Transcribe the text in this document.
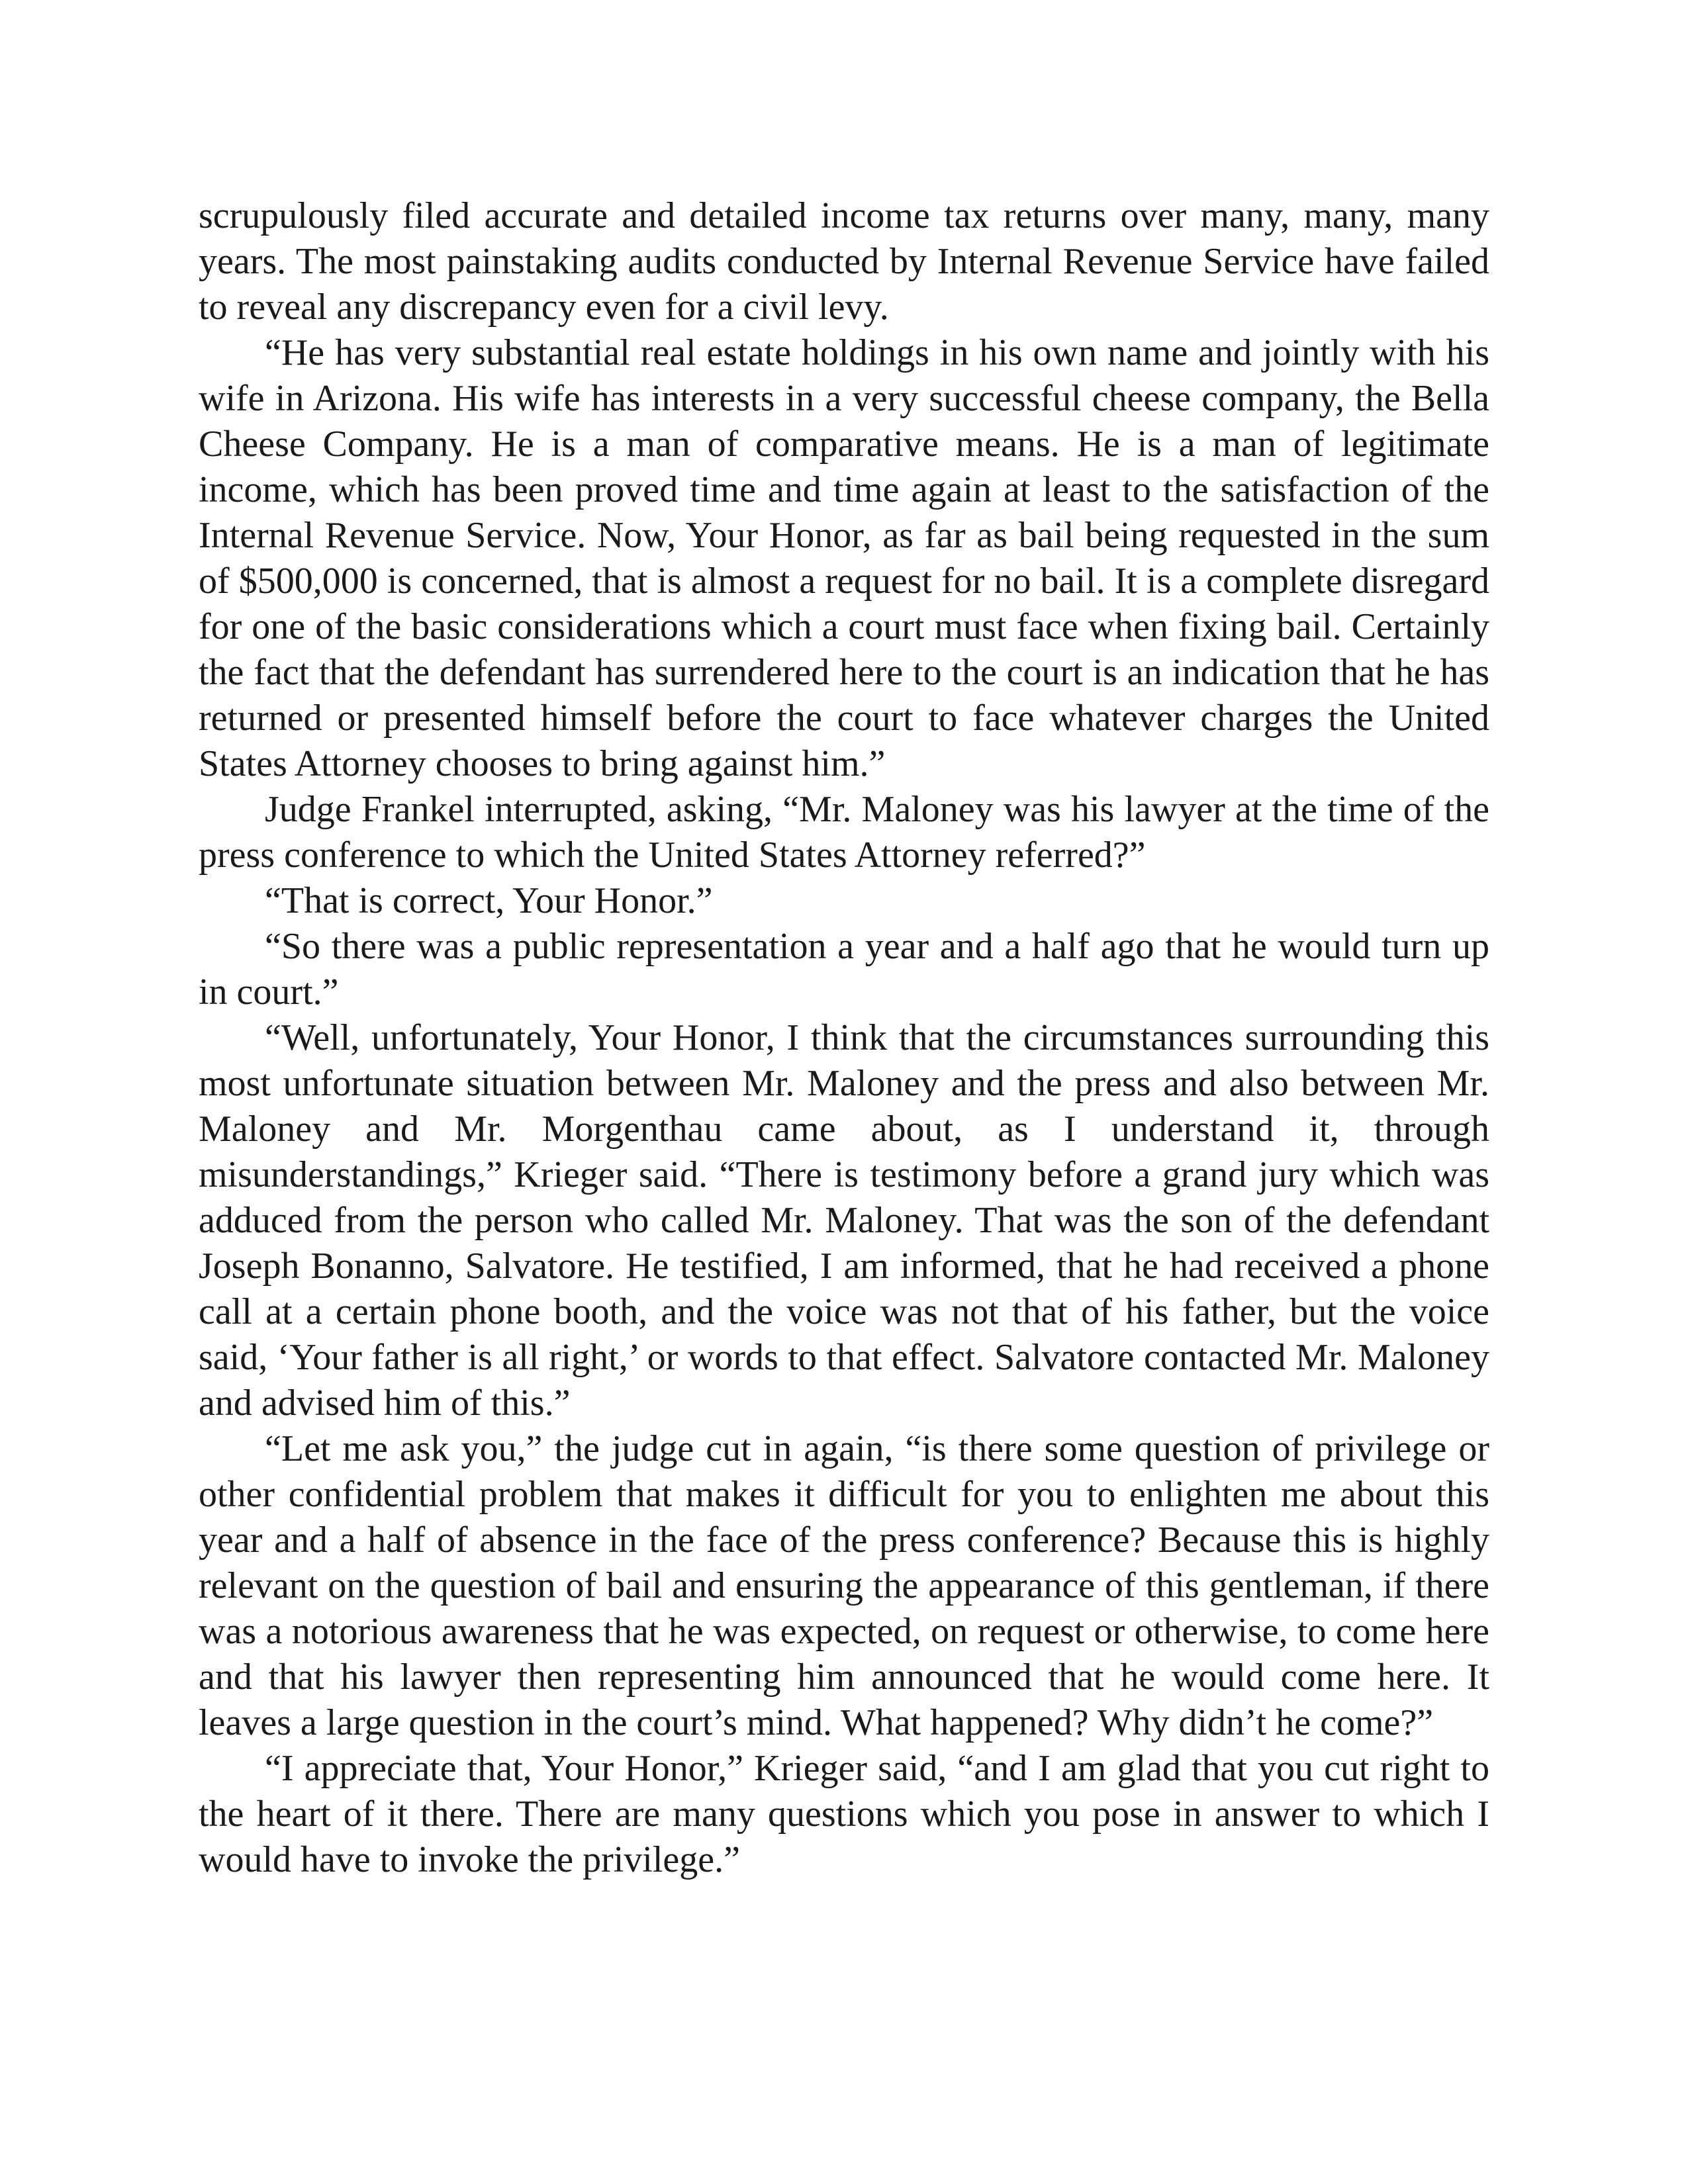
scrupulously filed accurate and detailed income tax returns over many, many, many years. The most painstaking audits conducted by Internal Revenue Service have failed to reveal any discrepancy even for a civil levy.

“He has very substantial real estate holdings in his own name and jointly with his wife in Arizona. His wife has interests in a very successful cheese company, the Bella Cheese Company. He is a man of comparative means. He is a man of legitimate income, which has been proved time and time again at least to the satisfaction of the Internal Revenue Service. Now, Your Honor, as far as bail being requested in the sum of $500,000 is concerned, that is almost a request for no bail. It is a complete disregard for one of the basic considerations which a court must face when fixing bail. Certainly the fact that the defendant has surrendered here to the court is an indication that he has returned or presented himself before the court to face whatever charges the United States Attorney chooses to bring against him.”

Judge Frankel interrupted, asking, “Mr. Maloney was his lawyer at the time of the press conference to which the United States Attorney referred?”

“That is correct, Your Honor.”

“So there was a public representation a year and a half ago that he would turn up in court.”

“Well, unfortunately, Your Honor, I think that the circumstances surrounding this most unfortunate situation between Mr. Maloney and the press and also between Mr. Maloney and Mr. Morgenthau came about, as I understand it, through misunderstandings,” Krieger said. “There is testimony before a grand jury which was adduced from the person who called Mr. Maloney. That was the son of the defendant Joseph Bonanno, Salvatore. He testified, I am informed, that he had received a phone call at a certain phone booth, and the voice was not that of his father, but the voice said, ‘Your father is all right,’ or words to that effect. Salvatore contacted Mr. Maloney and advised him of this.”

“Let me ask you,” the judge cut in again, “is there some question of privilege or other confidential problem that makes it difficult for you to enlighten me about this year and a half of absence in the face of the press conference? Because this is highly relevant on the question of bail and ensuring the appearance of this gentleman, if there was a notorious awareness that he was expected, on request or otherwise, to come here and that his lawyer then representing him announced that he would come here. It leaves a large question in the court’s mind. What happened? Why didn’t he come?”

“I appreciate that, Your Honor,” Krieger said, “and I am glad that you cut right to the heart of it there. There are many questions which you pose in answer to which I would have to invoke the privilege.”
